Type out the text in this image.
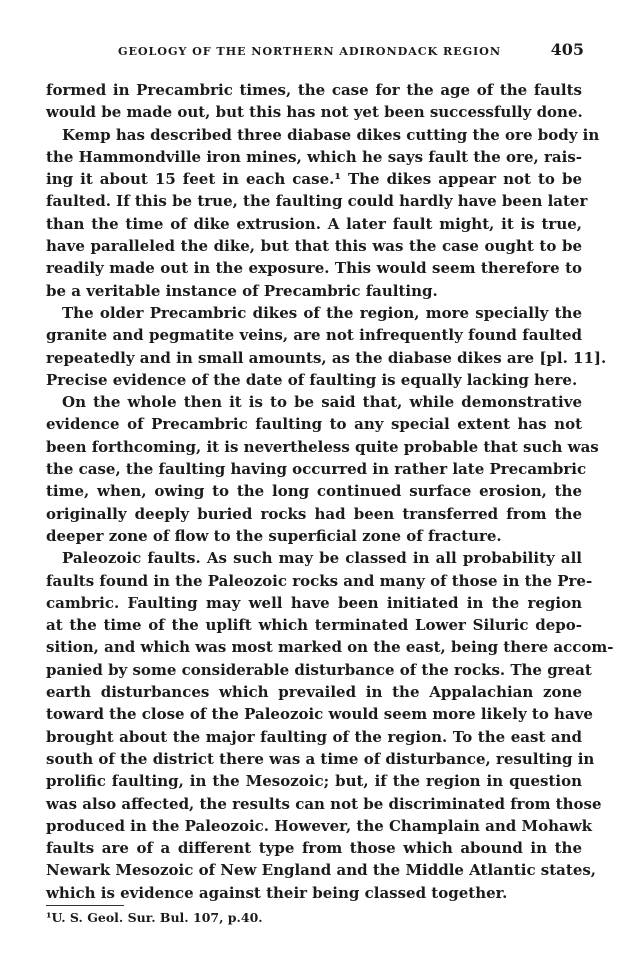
GEOLOGY OF THE NORTHERN ADIRONDACK REGION	405
formed in Precambric times, the case for the age of the faults
would be made out, but this has not yet been successfully done.
Kemp has described three diabase dikes cutting the ore body in
the Hammondville iron mines, which he says fault the ore, rais-
ing it about 15 feet in each case.¹ The dikes appear not to be
faulted. If this be true, the faulting could hardly have been later
than the time of dike extrusion. A later fault might, it is true,
have paralleled the dike, but that this was the case ought to be
readily made out in the exposure. This would seem therefore to
be a veritable instance of Precambric faulting.
The older Precambric dikes of the region, more specially the
granite and pegmatite veins, are not infrequently found faulted
repeatedly and in small amounts, as the diabase dikes are [pl. 11].
Precise evidence of the date of faulting is equally lacking here.
On the whole then it is to be said that, while demonstrative
evidence of Precambric faulting to any special extent has not
been forthcoming, it is nevertheless quite probable that such was
the case, the faulting having occurred in rather late Precambric
time, when, owing to the long continued surface erosion, the
originally deeply buried rocks had been transferred from the
deeper zone of flow to the superficial zone of fracture.
Paleozoic faults. As such may be classed in all probability all
faults found in the Paleozoic rocks and many of those in the Pre-
cambric. Faulting may well have been initiated in the region
at the time of the uplift which terminated Lower Siluric depo-
sition, and which was most marked on the east, being there accom-
panied by some considerable disturbance of the rocks. The great
earth disturbances which prevailed in the Appalachian zone
toward the close of the Paleozoic would seem more likely to have
brought about the major faulting of the region. To the east and
south of the district there was a time of disturbance, resulting in
prolific faulting, in the Mesozoic; but, if the region in question
was also affected, the results can not be discriminated from those
produced in the Paleozoic. However, the Champlain and Mohawk
faults are of a different type from those which abound in the
Newark Mesozoic of New England and the Middle Atlantic states,
which is evidence against their being classed together.
¹U. S. Geol. Sur. Bul. 107, p.40.
